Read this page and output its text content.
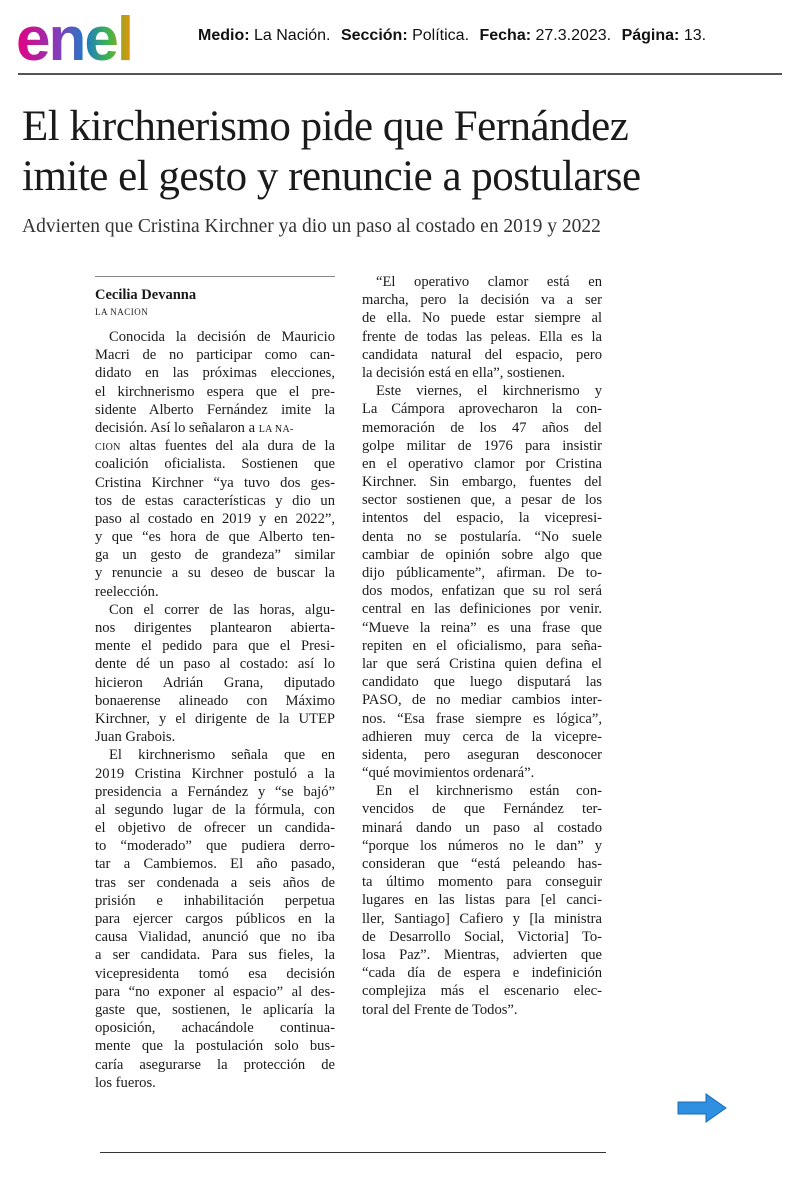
enel	Medio: La Nación. Sección: Política. Fecha: 27.3.2023. Página: 13.
El kirchnerismo pide que Fernández
imite el gesto y renuncie a postularse
Advierten que Cristina Kirchner ya dio un paso al costado en 2019 y 2022
Cecilia Devanna
LA NACION
Conocida la decisión de Mauricio
Macri de no participar como can-
didato en las próximas elecciones,
el kirchnerismo espera que el pre-
sidente Alberto Fernández imite la
decisión. Así lo señalaron a LA NA-
CION altas fuentes del ala dura de la
coalición oficialista. Sostienen que
Cristina Kirchner “ya tuvo dos ges-
tos de estas características y dio un
paso al costado en 2019 y en 2022”,
y que “es hora de que Alberto ten-
ga un gesto de grandeza” similar
y renuncie a su deseo de buscar la
reelección.
Con el correr de las horas, algu-
nos dirigentes plantearon abierta-
mente el pedido para que el Presi-
dente dé un paso al costado: así lo
hicieron Adrián Grana, diputado
bonaerense alineado con Máximo
Kirchner, y el dirigente de la UTEP
Juan Grabois.
El kirchnerismo señala que en
2019 Cristina Kirchner postuló a la
presidencia a Fernández y “se bajó”
al segundo lugar de la fórmula, con
el objetivo de ofrecer un candida-
to “moderado” que pudiera derro-
tar a Cambiemos. El año pasado,
tras ser condenada a seis años de
prisión e inhabilitación perpetua
para ejercer cargos públicos en la
causa Vialidad, anunció que no iba
a ser candidata. Para sus fieles, la
vicepresidenta tomó esa decisión
para “no exponer al espacio” al des-
gaste que, sostienen, le aplicaría la
oposición, achacándole continua-
mente que la postulación solo bus-
caría asegurarse la protección de
los fueros.
“El operativo clamor está en
marcha, pero la decisión va a ser
de ella. No puede estar siempre al
frente de todas las peleas. Ella es la
candidata natural del espacio, pero
la decisión está en ella”, sostienen.
Este viernes, el kirchnerismo y
La Cámpora aprovecharon la con-
memoración de los 47 años del
golpe militar de 1976 para insistir
en el operativo clamor por Cristina
Kirchner. Sin embargo, fuentes del
sector sostienen que, a pesar de los
intentos del espacio, la vicepresi-
denta no se postularía. “No suele
cambiar de opinión sobre algo que
dijo públicamente”, afirman. De to-
dos modos, enfatizan que su rol será
central en las definiciones por venir.
“Mueve la reina” es una frase que
repiten en el oficialismo, para seña-
lar que será Cristina quien defina el
candidato que luego disputará las
PASO, de no mediar cambios inter-
nos. “Esa frase siempre es lógica”,
adhieren muy cerca de la vicepre-
sidenta, pero aseguran desconocer
“qué movimientos ordenará”.
En el kirchnerismo están con-
vencidos de que Fernández ter-
minará dando un paso al costado
“porque los números no le dan” y
consideran que “está peleando has-
ta último momento para conseguir
lugares en las listas para [el canci-
ller, Santiago] Cafiero y [la ministra
de Desarrollo Social, Victoria] To-
losa Paz”. Mientras, advierten que
“cada día de espera e indefinición
complejiza más el escenario elec-
toral del Frente de Todos”.
